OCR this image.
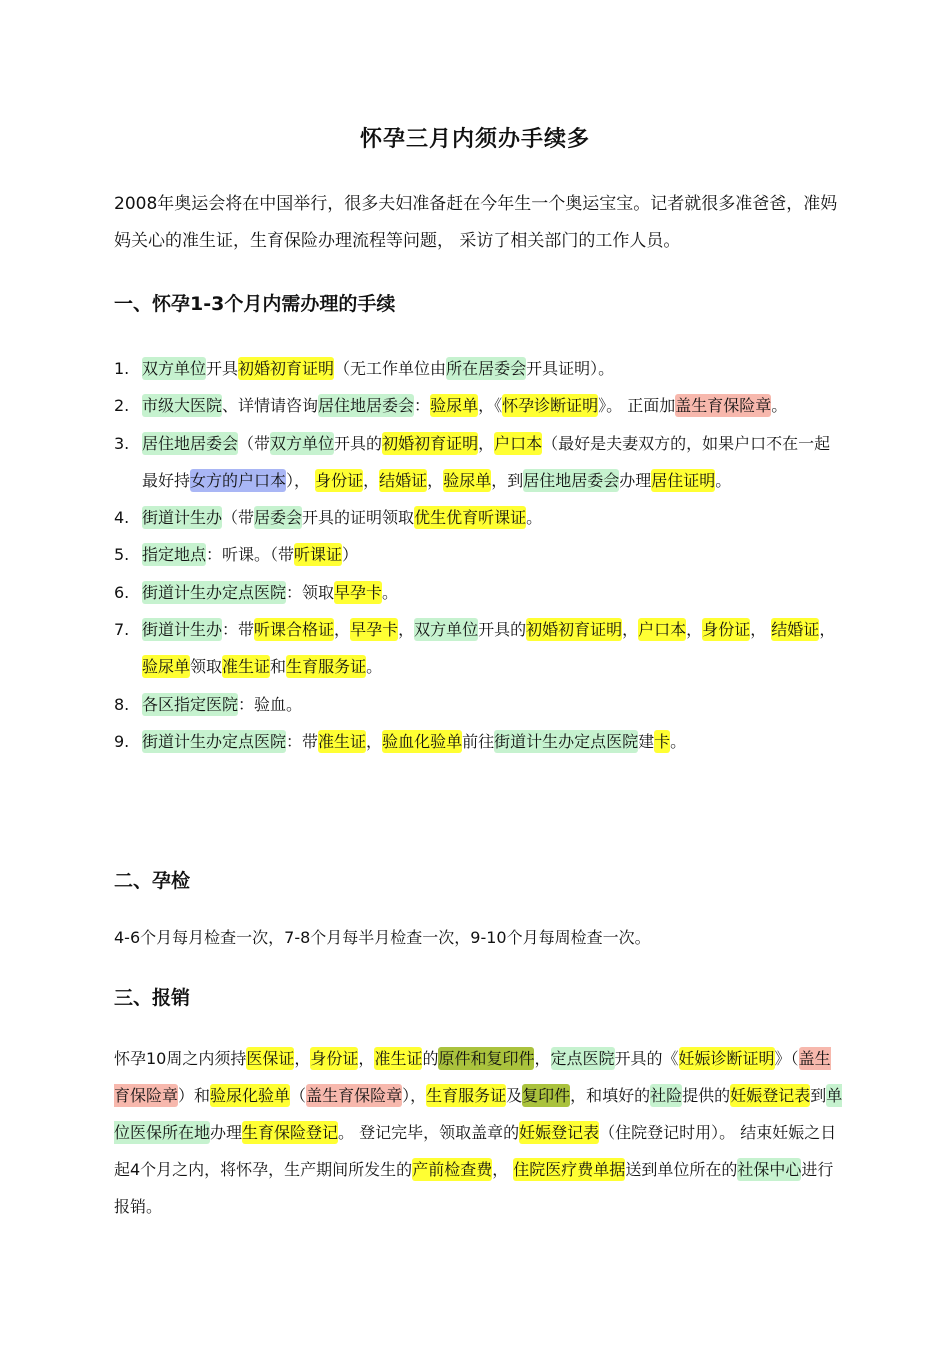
怀孕三月内须办手续多
2008年奥运会将在中国举行，很多夫妇准备赶在今年生一个奥运宝宝。记者就很多准爸爸，准妈妈关心的准生证，生育保险办理流程等问题， 采访了相关部门的工作人员。
一、怀孕1-3个月内需办理的手续
1. 双方单位开具初婚初育证明（无工作单位由所在居委会开具证明）。
2. 市级大医院、详情请咨询居住地居委会：验尿单，《怀孕诊断证明》。 正面加盖生育保险章。
3. 居住地居委会（带双方单位开具的初婚初育证明，户口本（最好是夫妻双方的，如果户口不在一起最好持女方的户口本）， 身份证，结婚证，验尿单，到居住地居委会办理居住证明。
4. 街道计生办（带居委会开具的证明领取优生优育听课证。
5. 指定地点：听课。（带听课证）
6. 街道计生办定点医院：领取早孕卡。
7. 街道计生办：带听课合格证，早孕卡，双方单位开具的初婚初育证明，户口本，身份证， 结婚证，验尿单领取准生证和生育服务证。
8. 各区指定医院：验血。
9. 街道计生办定点医院：带准生证，验血化验单前往街道计生办定点医院建卡。
二、孕检
4-6个月每月检查一次，7-8个月每半月检查一次，9-10个月每周检查一次。
三、报销
怀孕10周之内须持医保证，身份证，准生证的原件和复印件，定点医院开具的《妊娠诊断证明》（盖生育保险章）和验尿化验单（盖生育保险章），生育服务证及复印件，和填好的社险提供的妊娠登记表到单位医保所在地办理生育保险登记。 登记完毕，领取盖章的妊娠登记表（住院登记时用）。 结束妊娠之日起4个月之内，将怀孕，生产期间所发生的产前检查费， 住院医疗费单据送到单位所在的社保中心进行报销。
